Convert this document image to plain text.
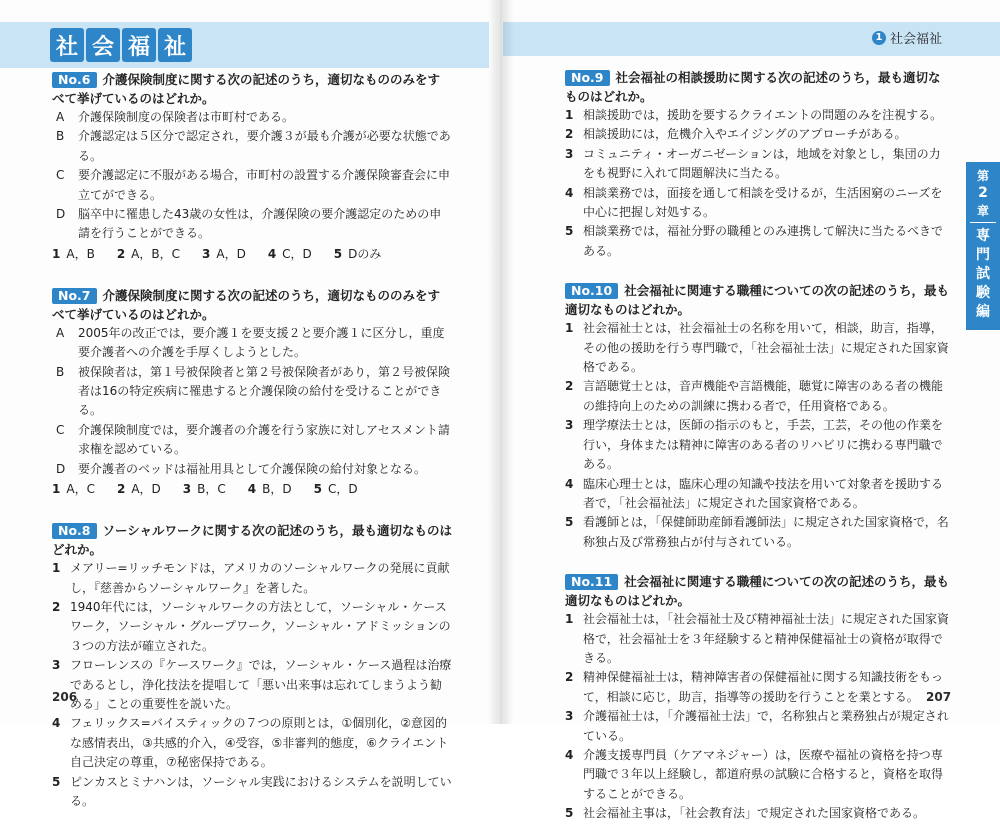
1 社会福祉
社 会 福 祉
第
2
章
専
門
試
験
編
No.6 介護保険制度に関する次の記述のうち，適切なもののみをすべて挙げているのはどれか。
A	介護保険制度の保険者は市町村である。
B	介護認定は５区分で認定され，要介護３が最も介護が必要な状態である。
C	要介護認定に不服がある場合，市町村の設置する介護保険審査会に申立てができる。
D	脳卒中に罹患した43歳の女性は，介護保険の要介護認定のための申請を行うことができる。
1 A，B 2 A，B，C 3 A，D 4 C，D 5 Dのみ
No.7 介護保険制度に関する次の記述のうち，適切なもののみをすべて挙げているのはどれか。
A	2005年の改正では，要介護１を要支援２と要介護１に区分し，重度要介護者への介護を手厚くしようとした。
B	被保険者は，第１号被保険者と第２号被保険者があり，第２号被保険者は16の特定疾病に罹患すると介護保険の給付を受けることができる。
C	介護保険制度では，要介護者の介護を行う家族に対しアセスメント請求権を認めている。
D	要介護者のベッドは福祉用具として介護保険の給付対象となる。
1 A，C 2 A，D 3 B，C 4 B，D 5 C，D
No.8 ソーシャルワークに関する次の記述のうち，最も適切なものはどれか。
1 メアリー=リッチモンドは，アメリカのソーシャルワークの発展に貢献し，『慈善からソーシャルワーク』を著した。
2 1940年代には，ソーシャルワークの方法として，ソーシャル・ケースワーク，ソーシャル・グループワーク，ソーシャル・アドミッションの３つの方法が確立された。
3 フローレンスの『ケースワーク』では，ソーシャル・ケース過程は治療であるとし，浄化技法を提唱して「悪い出来事は忘れてしまうよう勧める」ことの重要性を説いた。
4 フェリックス=バイスティックの７つの原則とは，①個別化，②意図的な感情表出，③共感的介入，④受容，⑤非審判的態度，⑥クライエント自己決定の尊重，⑦秘密保持である。
5 ピンカスとミナハンは，ソーシャル実践におけるシステムを説明している。
No.9 社会福祉の相談援助に関する次の記述のうち，最も適切なものはどれか。
1 相談援助では，援助を要するクライエントの問題のみを注視する。
2 相談援助には，危機介入やエイジングのアプローチがある。
3 コミュニティ・オーガニゼーションは，地域を対象とし，集団の力をも視野に入れて問題解決に当たる。
4 相談業務では，面接を通して相談を受けるが，生活困窮のニーズを中心に把握し対処する。
5 相談業務では，福祉分野の職種とのみ連携して解決に当たるべきである。
No.10 社会福祉に関連する職種についての次の記述のうち，最も適切なものはどれか。
1 社会福祉士とは，社会福祉士の名称を用いて，相談，助言，指導，その他の援助を行う専門職で，「社会福祉士法」に規定された国家資格である。
2 言語聴覚士とは，音声機能や言語機能，聴覚に障害のある者の機能の維持向上のための訓練に携わる者で，任用資格である。
3 理学療法士とは，医師の指示のもと，手芸，工芸，その他の作業を行い，身体または精神に障害のある者のリハビリに携わる専門職である。
4 臨床心理士とは，臨床心理の知識や技法を用いて対象者を援助する者で，「社会福祉法」に規定された国家資格である。
5 看護師とは，「保健師助産師看護師法」に規定された国家資格で，名称独占及び常務独占が付与されている。
No.11 社会福祉に関連する職種についての次の記述のうち，最も適切なものはどれか。
1 社会福祉士は，「社会福祉士及び精神福祉士法」に規定された国家資格で，社会福祉士を３年経験すると精神保健福祉士の資格が取得できる。
2 精神保健福祉士は，精神障害者の保健福祉に関する知識技術をもって，相談に応じ，助言，指導等の援助を行うことを業とする。
3 介護福祉士は，「介護福祉士法」で，名称独占と業務独占が規定されている。
4 介護支援専門員（ケアマネジャー）は，医療や福祉の資格を持つ専門職で３年以上経験し，都道府県の試験に合格すると，資格を取得することができる。
5 社会福祉主事は，「社会教育法」で規定された国家資格である。
206	207
